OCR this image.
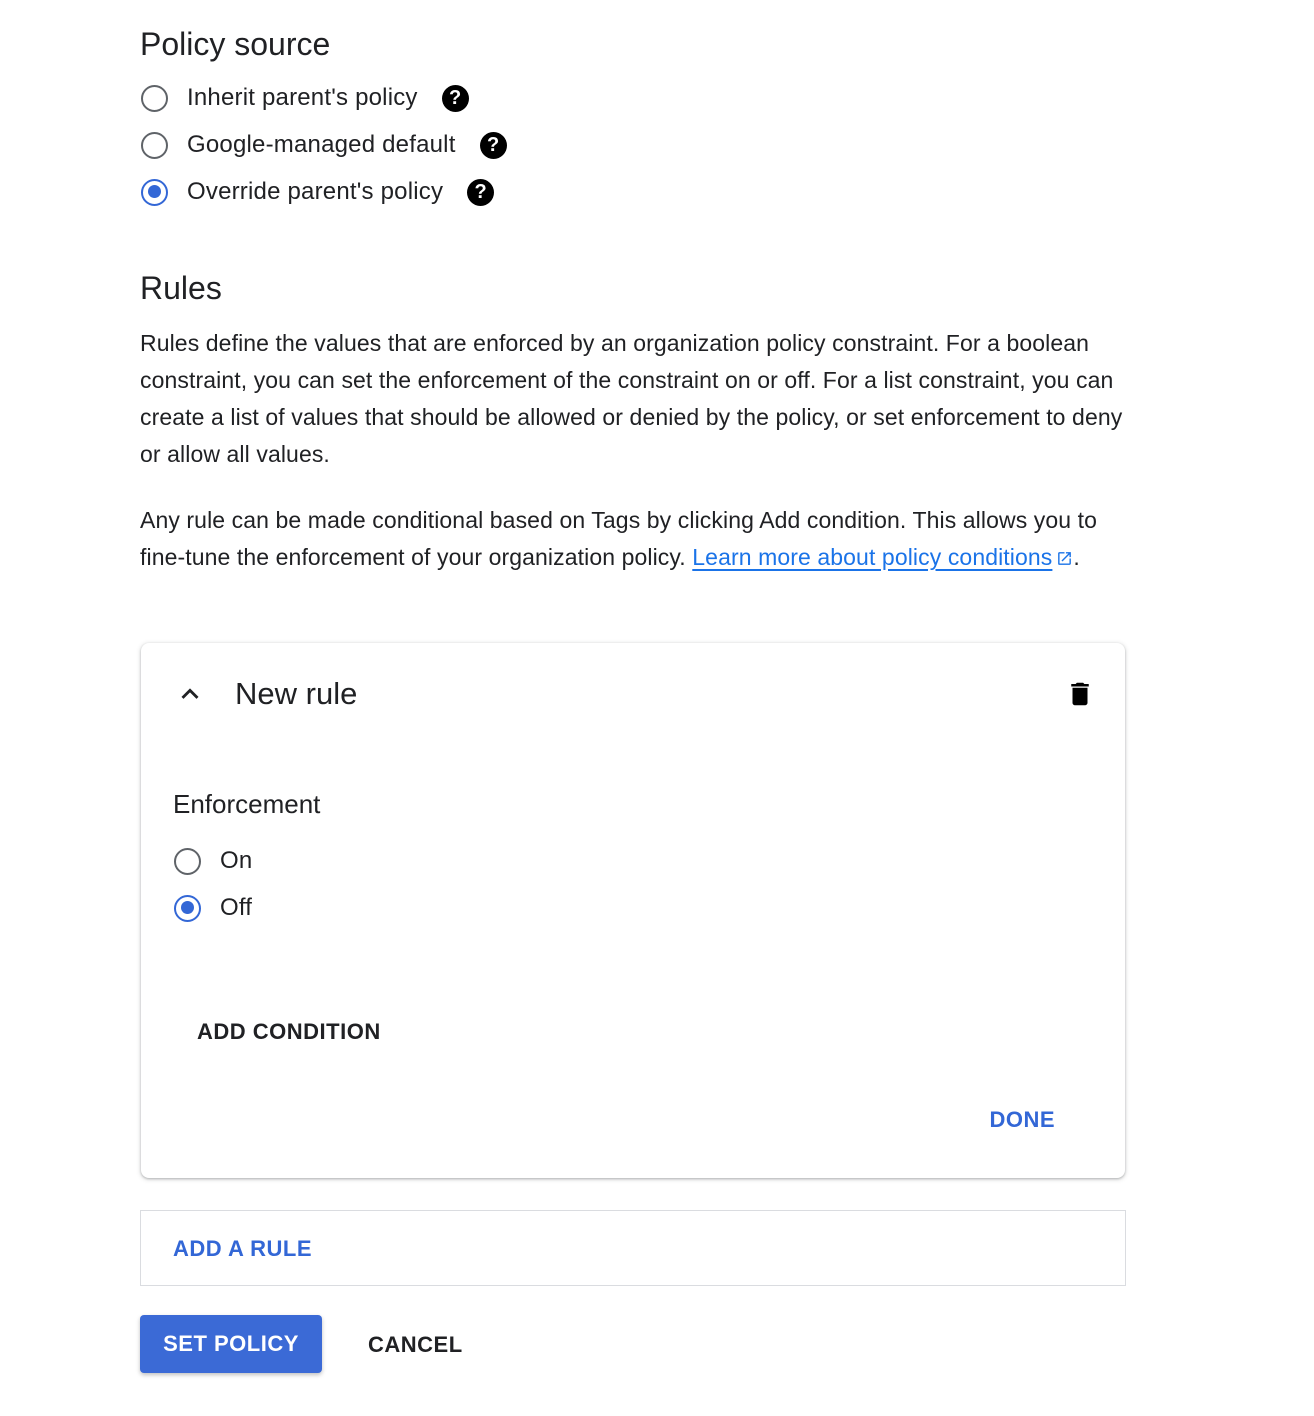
Policy source
Inherit parent's policy	?
Google-managed default	?
Override parent's policy	?
Rules

Rules define the values that are enforced by an organization policy constraint. For a boolean constraint, you can set the enforcement of the constraint on or off. For a list constraint, you can create a list of values that should be allowed or denied by the policy, or set enforcement to deny or allow all values.

Any rule can be made conditional based on Tags by clicking Add condition. This allows you to fine-tune the enforcement of your organization policy. Learn more about policy conditions .

New rule
Enforcement
On
Off
ADD CONDITION
DONE
ADD A RULE
SET POLICY	CANCEL
